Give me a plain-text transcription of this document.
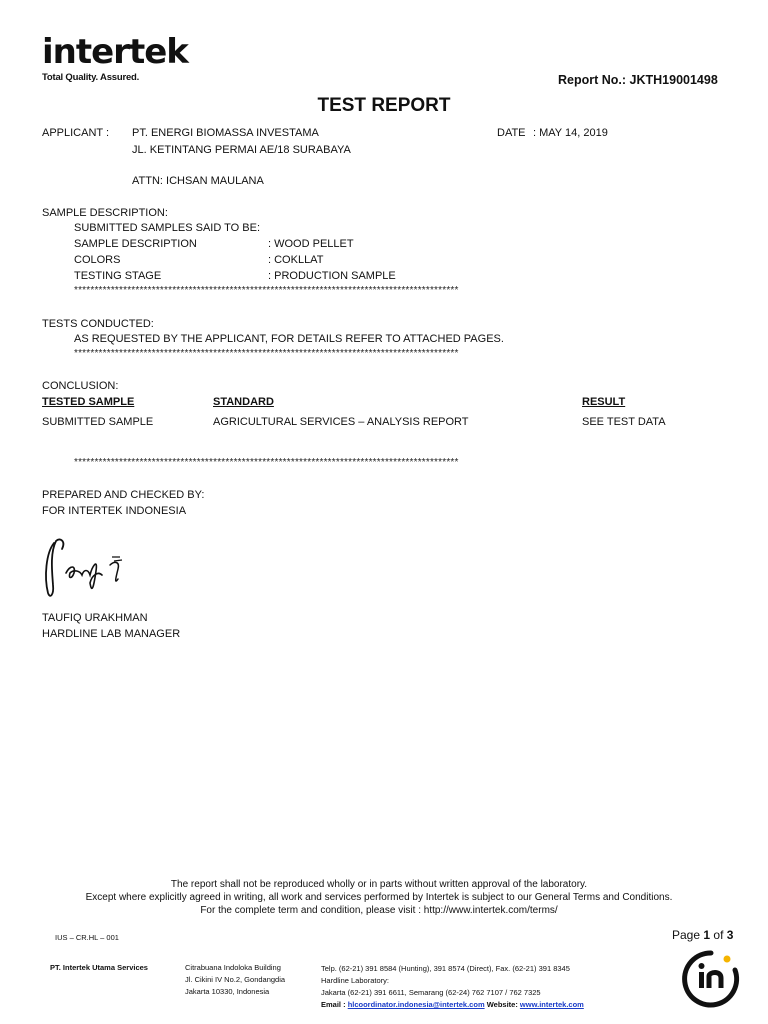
intertek
Total Quality. Assured.	Report No.: JKTH19001498
TEST REPORT
APPLICANT : PT. ENERGI BIOMASSA INVESTAMA
JL. KETINTANG PERMAI AE/18 SURABAYA
ATTN: ICHSAN MAULANA
DATE : MAY 14, 2019
SAMPLE DESCRIPTION:
SUBMITTED SAMPLES SAID TO BE:
SAMPLE DESCRIPTION	: WOOD PELLET
COLORS	: COKLLAT
TESTING STAGE	: PRODUCTION SAMPLE
**********************************************************************************************
TESTS CONDUCTED:
AS REQUESTED BY THE APPLICANT, FOR DETAILS REFER TO ATTACHED PAGES.
**********************************************************************************************
CONCLUSION:
TESTED SAMPLE	STANDARD	RESULT
SUBMITTED SAMPLE	AGRICULTURAL SERVICES – ANALYSIS REPORT	SEE TEST DATA
**********************************************************************************************
PREPARED AND CHECKED BY:
FOR INTERTEK INDONESIA
TAUFIQ URAKHMAN
HARDLINE LAB MANAGER
The report shall not be reproduced wholly or in parts without written approval of the laboratory.
Except where explicitly agreed in writing, all work and services performed by Intertek is subject to our General Terms and Conditions.
For the complete term and condition, please visit : http://www.intertek.com/terms/
IUS – CR.HL – 001	Page 1 of 3
PT. Intertek Utama Services	Citrabuana Indoloka Building
Jl. Cikini IV No.2, Gondangdia
Jakarta 10330, Indonesia
Telp. (62-21) 391 8584 (Hunting), 391 8574 (Direct), Fax. (62-21) 391 8345
Hardline Laboratory:
Jakarta (62-21) 391 6611, Semarang (62-24) 762 7107 / 762 7325
Email : hlcoordinator.indonesia@intertek.com Website: www.intertek.com
